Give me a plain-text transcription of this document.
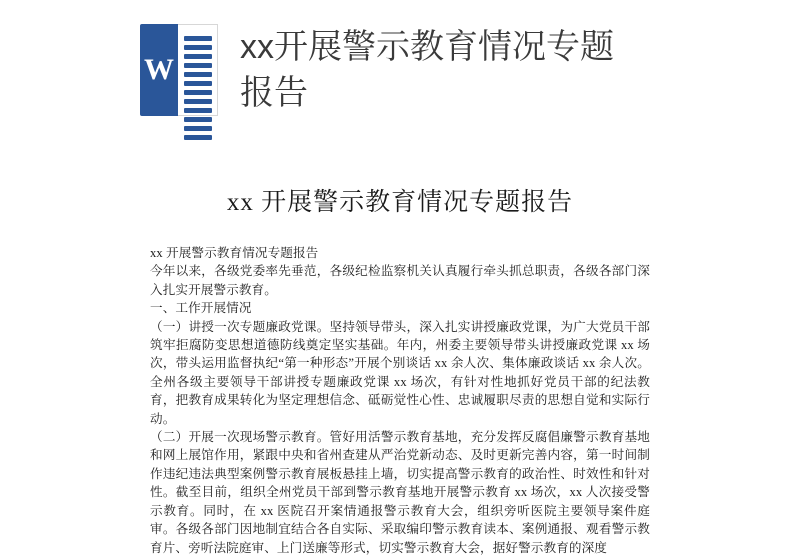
W
xx开展警示教育情况专题报告
xx 开展警示教育情况专题报告

xx 开展警示教育情况专题报告

今年以来，各级党委率先垂范，各级纪检监察机关认真履行牵头抓总职责，各级各部门深入扎实开展警示教育。

一、工作开展情况

（一）讲授一次专题廉政党课。坚持领导带头，深入扎实讲授廉政党课，为广大党员干部筑牢拒腐防变思想道德防线奠定坚实基础。年内，州委主要领导带头讲授廉政党课 xx 场次，带头运用监督执纪“第一种形态”开展个别谈话 xx 余人次、集体廉政谈话 xx 余人次。全州各级主要领导干部讲授专题廉政党课 xx 场次，有针对性地抓好党员干部的纪法教育，把教育成果转化为坚定理想信念、砥砺觉性心性、忠诚履职尽责的思想自觉和实际行动。

（二）开展一次现场警示教育。管好用活警示教育基地，充分发挥反腐倡廉警示教育基地和网上展馆作用，紧跟中央和省州查建从严治党新动态、及时更新完善内容，第一时间制作违纪违法典型案例警示教育展板悬挂上墙，切实提高警示教育的政治性、时效性和针对性。截至目前，组织全州党员干部到警示教育基地开展警示教育 xx 场次，xx 人次接受警示教育。同时，在 xx 医院召开案情通报警示教育大会，组织旁听医院主要领导案件庭审。各级各部门因地制宜结合各自实际、采取编印警示教育读本、案例通报、观看警示教育片、旁听法院庭审、上门送廉等形式，切实警示教育大会，据好警示教育的深度
